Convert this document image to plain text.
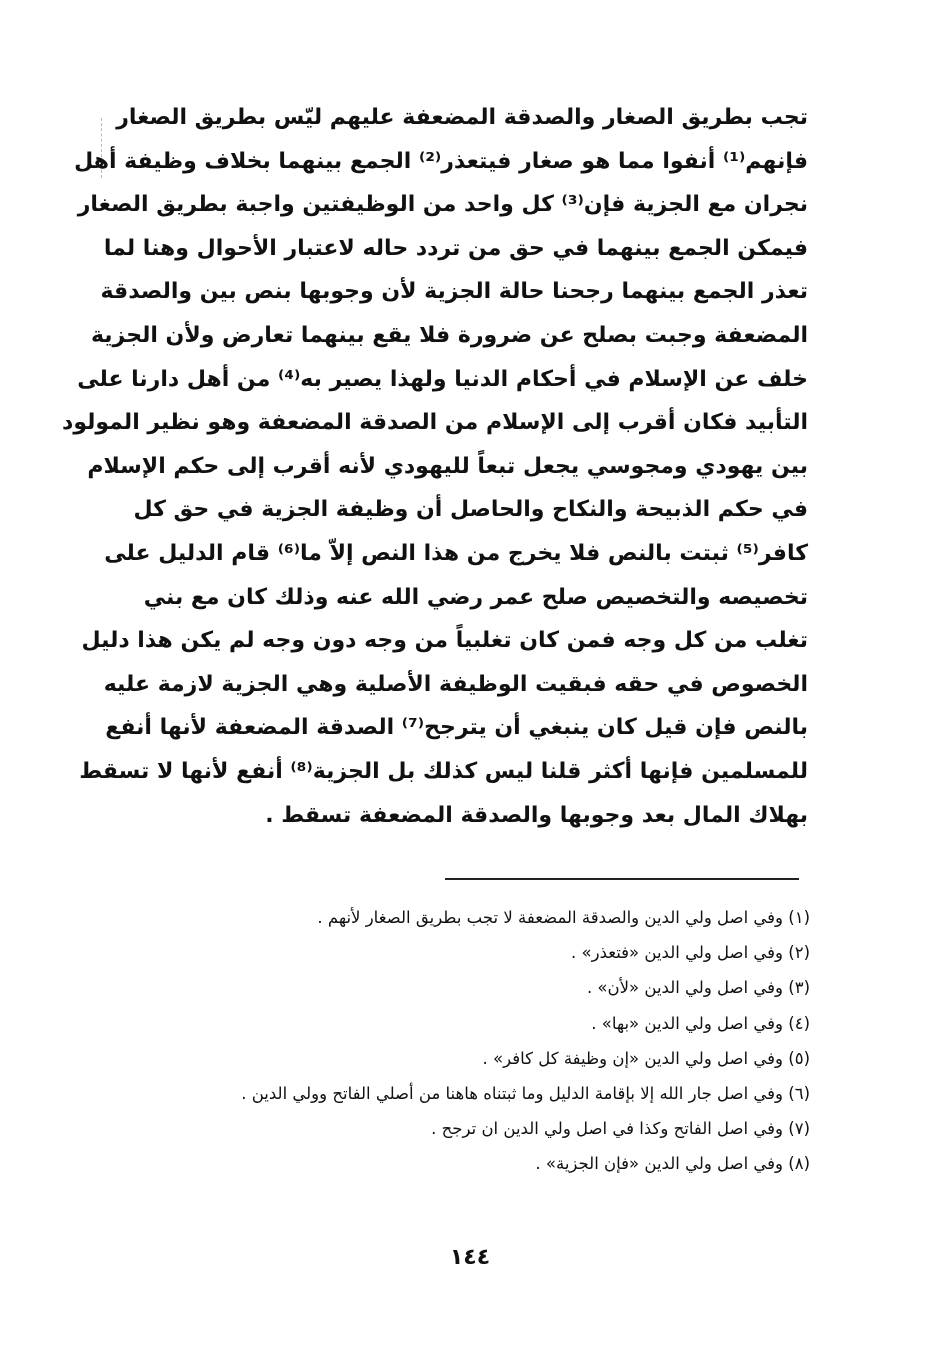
تجب بطريق الصغار والصدقة المضعفة عليهم ليّس بطريق الصغار
فإنهم⁽¹⁾ أنفوا مما هو صغار فيتعذر⁽²⁾ الجمع بينهما بخلاف وظيفة أهل
نجران مع الجزية فإن⁽³⁾ كل واحد من الوظيفتين واجبة بطريق الصغار
فيمكن الجمع بينهما في حق من تردد حاله لاعتبار الأحوال وهنا لما
تعذر الجمع بينهما رجحنا حالة الجزية لأن وجوبها بنص بين والصدقة
المضعفة وجبت بصلح عن ضرورة فلا يقع بينهما تعارض ولأن الجزية
خلف عن الإسلام في أحكام الدنيا ولهذا يصير به⁽⁴⁾ من أهل دارنا على
التأبيد فكان أقرب إلى الإسلام من الصدقة المضعفة وهو نظير المولود
بين يهودي ومجوسي يجعل تبعاً لليهودي لأنه أقرب إلى حكم الإسلام
في حكم الذبيحة والنكاح والحاصل أن وظيفة الجزية في حق كل
كافر⁽⁵⁾ ثبتت بالنص فلا يخرج من هذا النص إلاّ ما⁽⁶⁾ قام الدليل على
تخصيصه والتخصيص صلح عمر رضي الله عنه وذلك كان مع بني
تغلب من كل وجه فمن كان تغلبياً من وجه دون وجه لم يكن هذا دليل
الخصوص في حقه فبقيت الوظيفة الأصلية وهي الجزية لازمة عليه
بالنص فإن قيل كان ينبغي أن يترجح⁽⁷⁾ الصدقة المضعفة لأنها أنفع
للمسلمين فإنها أكثر قلنا ليس كذلك بل الجزية⁽⁸⁾ أنفع لأنها لا تسقط
بهلاك المال بعد وجوبها والصدقة المضعفة تسقط .
(١) وفي اصل ولي الدين والصدقة المضعفة لا تجب بطريق الصغار لأنهم .
(٢) وفي اصل ولي الدين «فتعذر» .
(٣) وفي اصل ولي الدين «لأن» .
(٤) وفي اصل ولي الدين «بها» .
(٥) وفي اصل ولي الدين «إن وظيفة كل كافر» .
(٦) وفي اصل جار الله إلا بإقامة الدليل وما ثبتناه هاهنا من أصلي الفاتح وولي الدين .
(٧) وفي اصل الفاتح وكذا في اصل ولي الدين ان ترجح .
(٨) وفي اصل ولي الدين «فإن الجزية» .
١٤٤
